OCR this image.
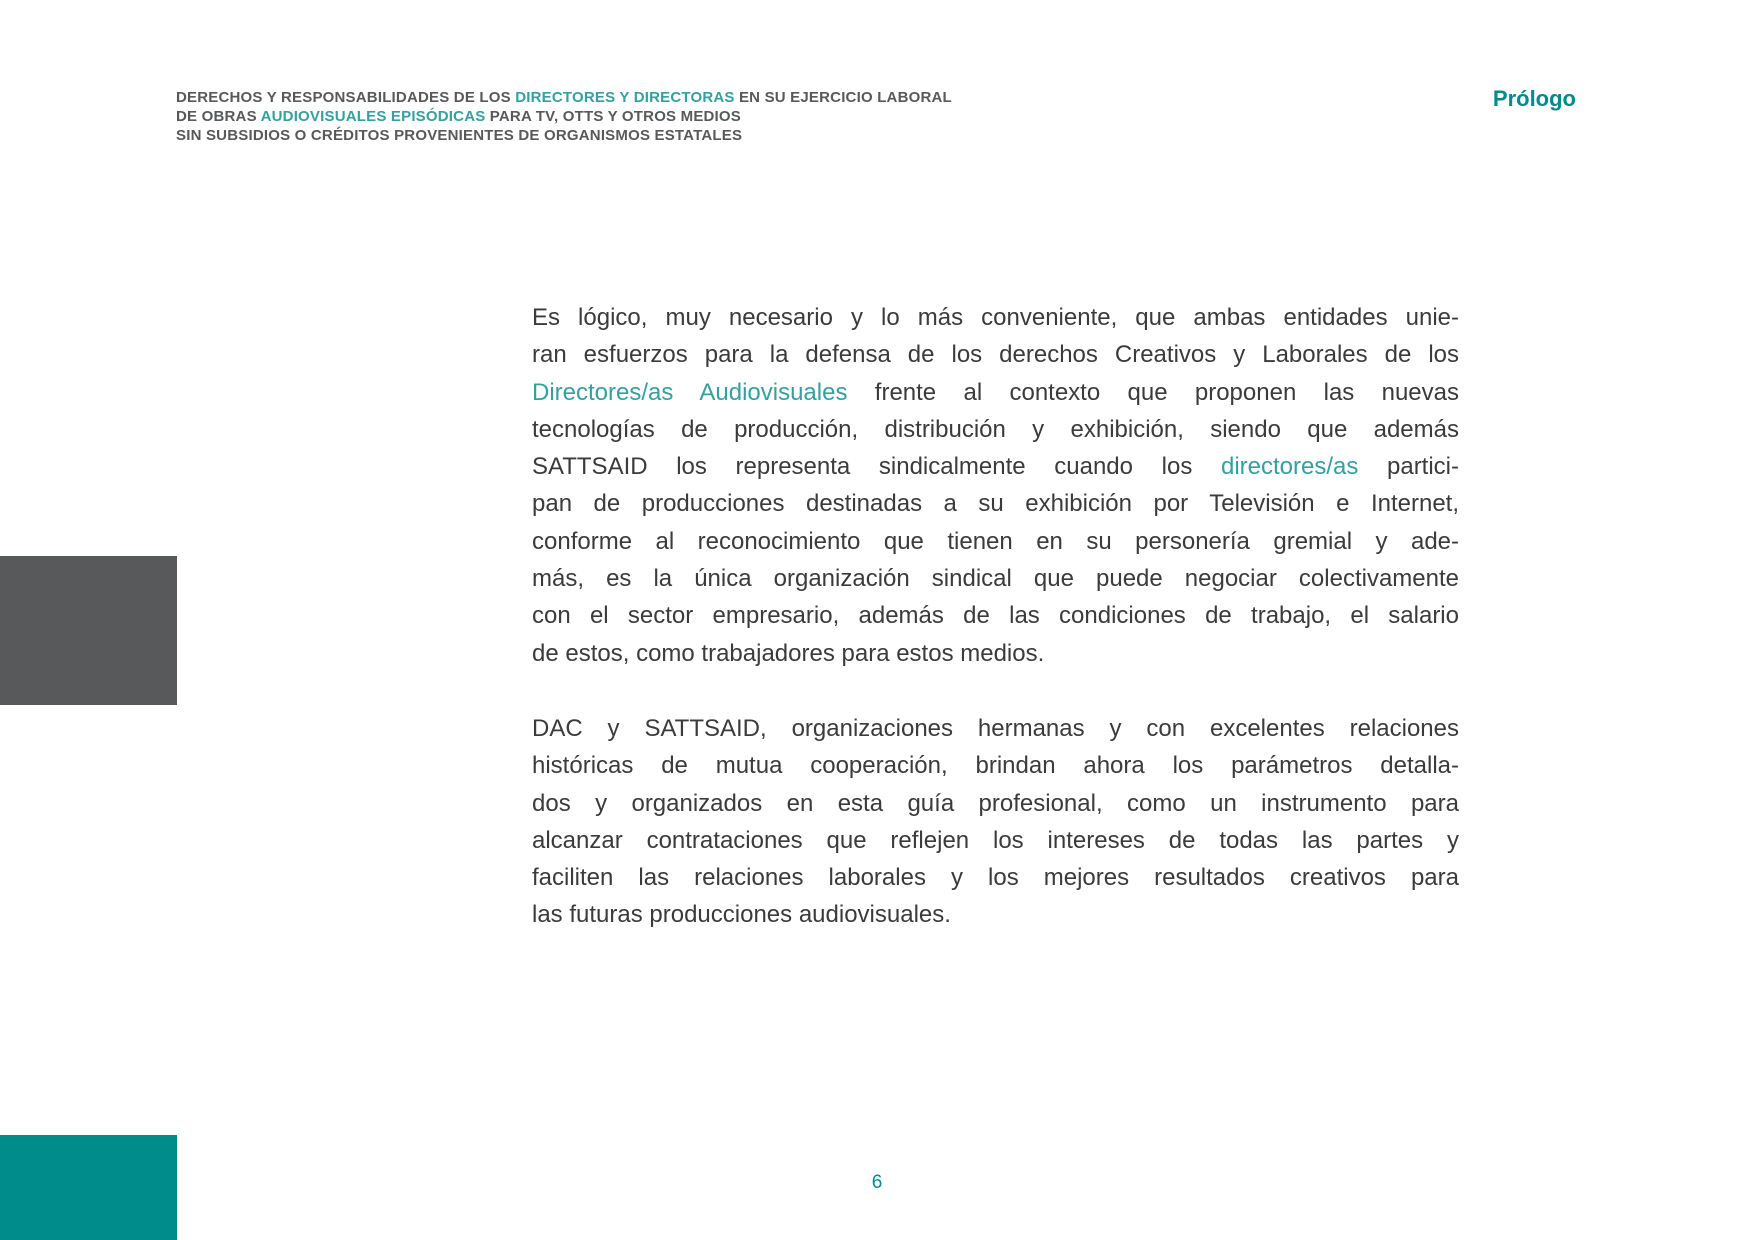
DERECHOS Y RESPONSABILIDADES DE LOS DIRECTORES Y DIRECTORAS EN SU EJERCICIO LABORAL
DE OBRAS AUDIOVISUALES EPISÓDICAS PARA TV, OTTS Y OTROS MEDIOS
SIN SUBSIDIOS O CRÉDITOS PROVENIENTES DE ORGANISMOS ESTATALES
Prólogo
Es lógico, muy necesario y lo más conveniente, que ambas entidades unie-
ran esfuerzos para la defensa de los derechos Creativos y Laborales de los
Directores/as Audiovisuales frente al contexto que proponen las nuevas
tecnologías de producción, distribución y exhibición, siendo que además
SATTSAID los representa sindicalmente cuando los directores/as partici-
pan de producciones destinadas a su exhibición por Televisión e Internet,
conforme al reconocimiento que tienen en su personería gremial y ade-
más, es la única organización sindical que puede negociar colectivamente
con el sector empresario, además de las condiciones de trabajo, el salario
de estos, como trabajadores para estos medios.
DAC y SATTSAID, organizaciones hermanas y con excelentes relaciones
históricas de mutua cooperación, brindan ahora los parámetros detalla-
dos y organizados en esta guía profesional, como un instrumento para
alcanzar contrataciones que reflejen los intereses de todas las partes y
faciliten las relaciones laborales y los mejores resultados creativos para
las futuras producciones audiovisuales.
6
